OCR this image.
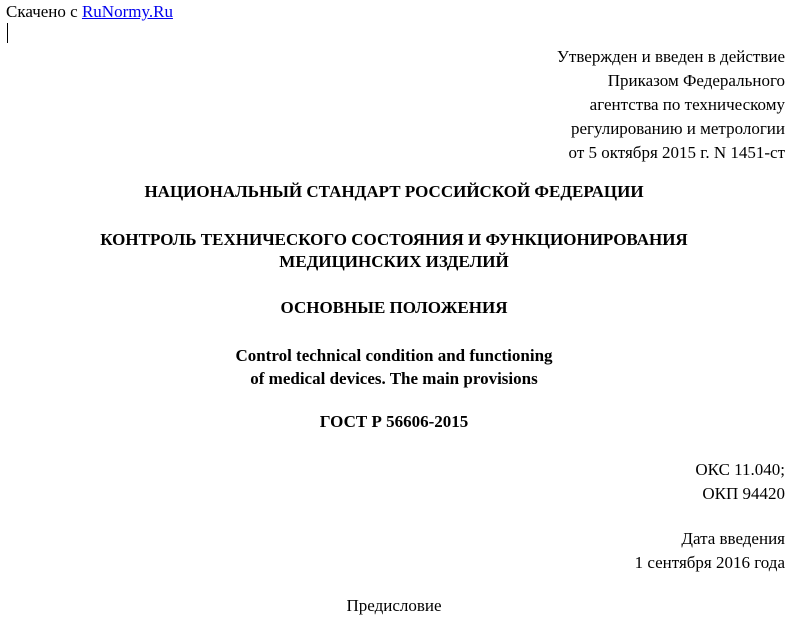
Скачено с RuNormy.Ru
Утвержден и введен в действие
Приказом Федерального
агентства по техническому
регулированию и метрологии
от 5 октября 2015 г. N 1451-ст
НАЦИОНАЛЬНЫЙ СТАНДАРТ РОССИЙСКОЙ ФЕДЕРАЦИИ
КОНТРОЛЬ ТЕХНИЧЕСКОГО СОСТОЯНИЯ И ФУНКЦИОНИРОВАНИЯ
МЕДИЦИНСКИХ ИЗДЕЛИЙ
ОСНОВНЫЕ ПОЛОЖЕНИЯ
Control technical condition and functioning
of medical devices. The main provisions
ГОСТ Р 56606-2015
ОКС 11.040;
ОКП 94420
Дата введения
1 сентября 2016 года
Предисловие
